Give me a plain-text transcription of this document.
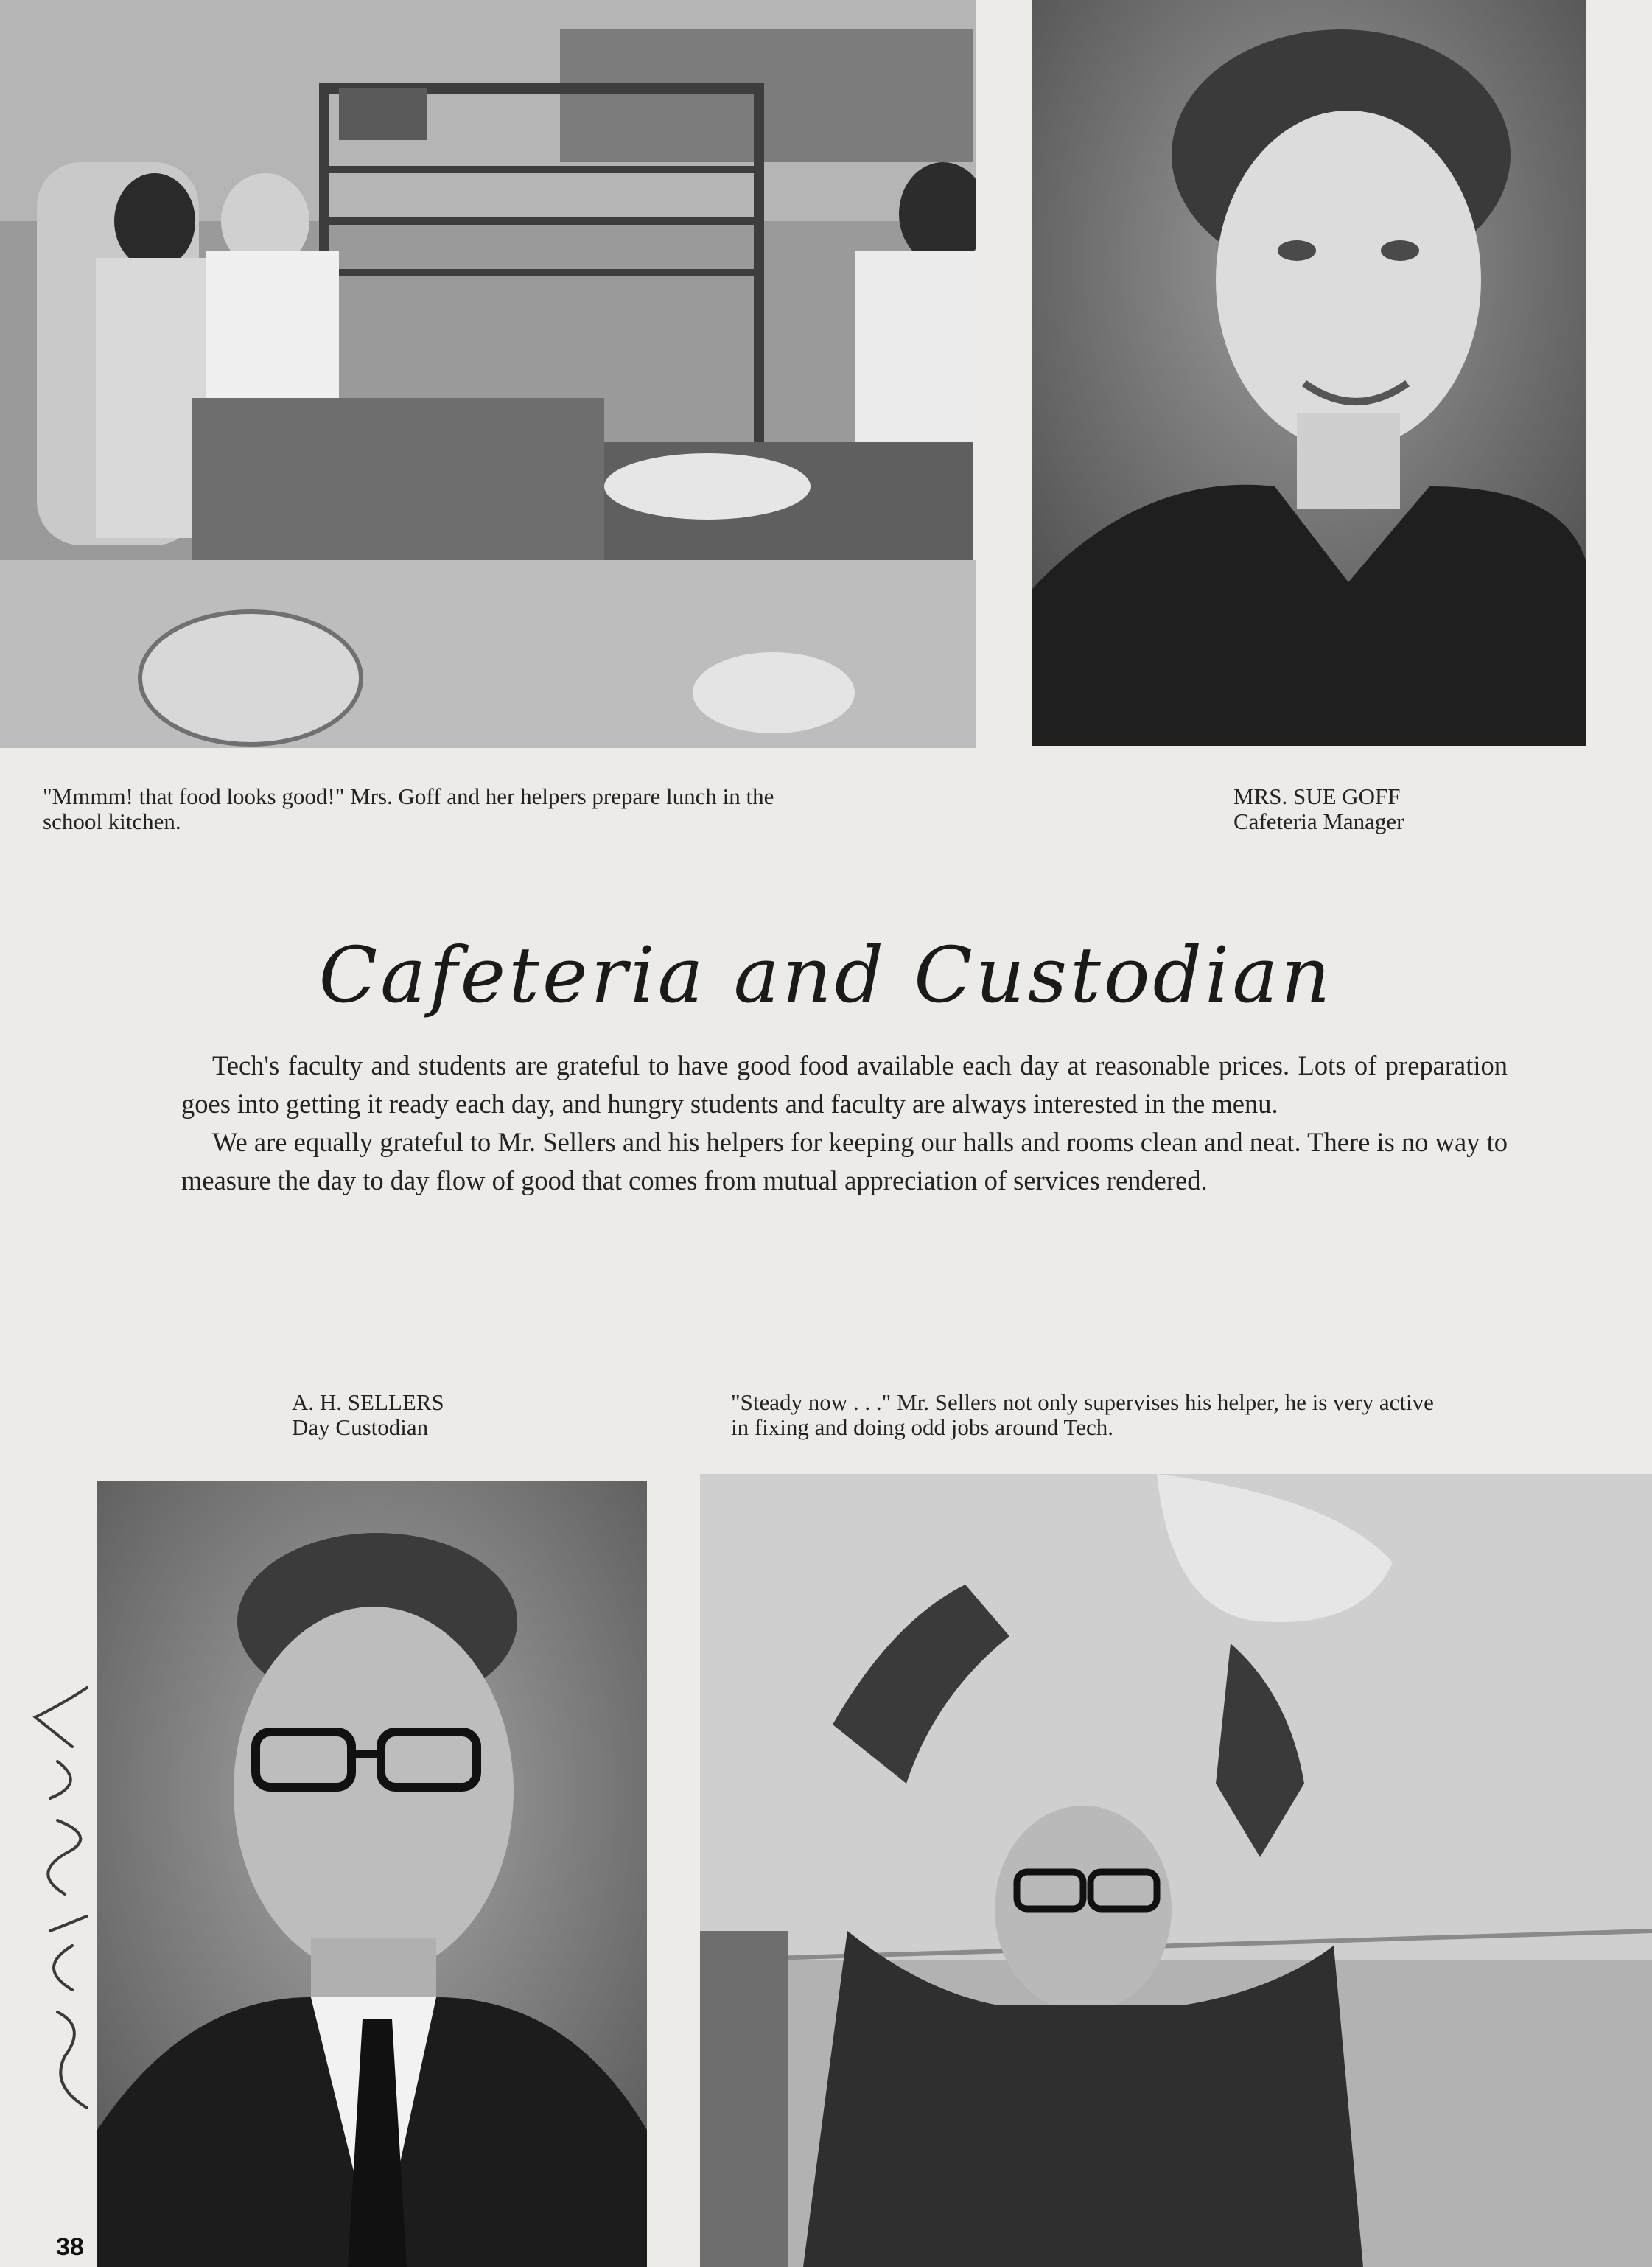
"Mmmm! that food looks good!" Mrs. Goff and her helpers prepare lunch in the
school kitchen.
MRS. SUE GOFF
Cafeteria Manager
Cafeteria and Custodian

Tech's faculty and students are grateful to have good food available each day at reasonable prices. Lots of preparation goes into getting it ready each day, and hungry students and faculty are always interested in the menu.

We are equally grateful to Mr. Sellers and his helpers for keeping our halls and rooms clean and neat. There is no way to measure the day to day flow of good that comes from mutual appreciation of services rendered.

A. H. SELLERS
Day Custodian
"Steady now . . ." Mr. Sellers not only supervises his helper, he is very active
in fixing and doing odd jobs around Tech.
38
